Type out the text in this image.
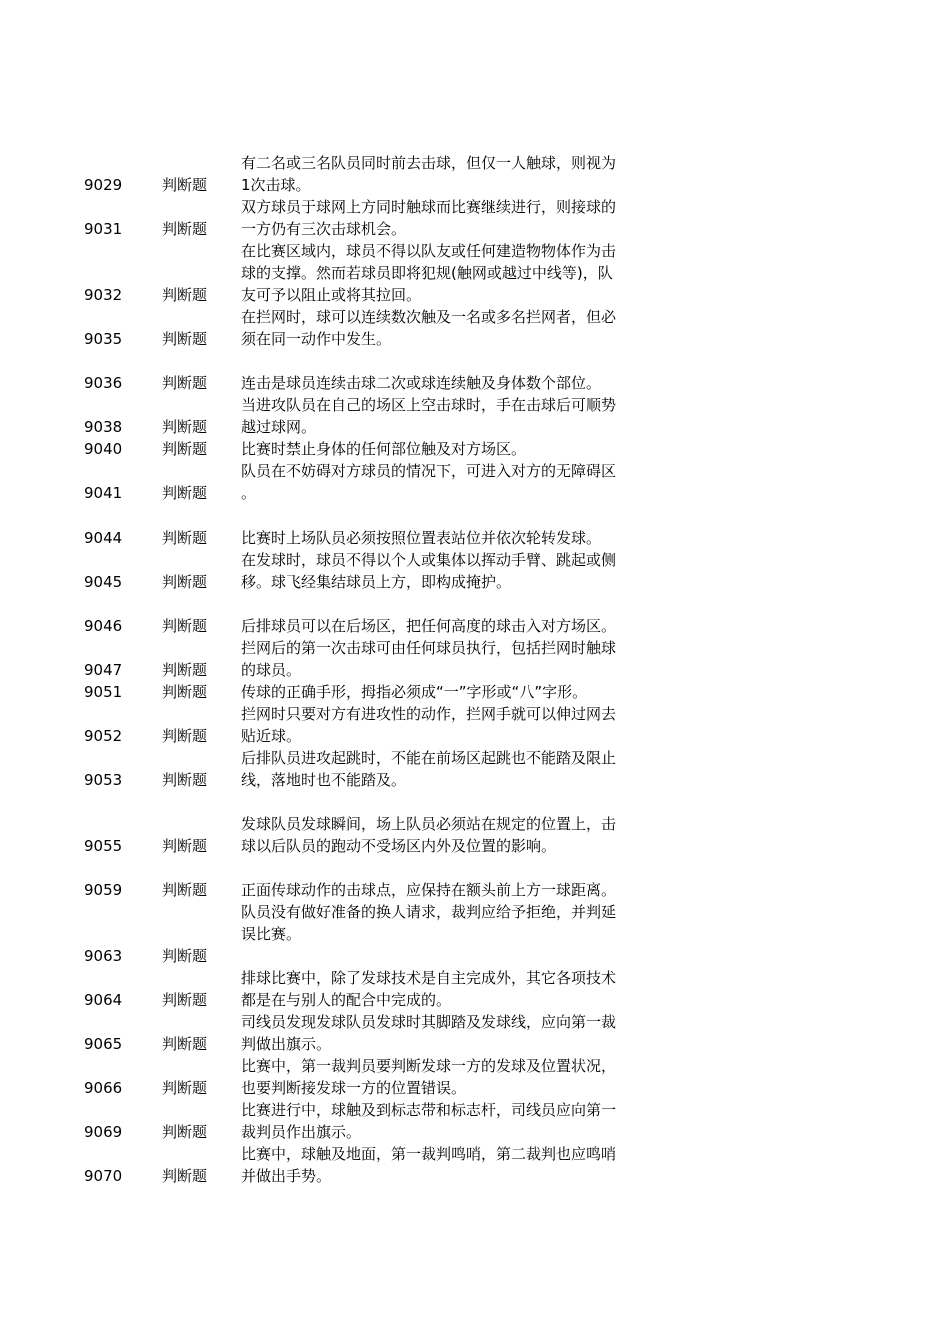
9029	判断题
有二名或三名队员同时前去击球，但仅一人触球，则视为
1次击球。
9031	判断题
双方球员于球网上方同时触球而比赛继续进行，则接球的
一方仍有三次击球机会。
9032	判断题
在比赛区域内，球员不得以队友或任何建造物物体作为击
球的支撑。然而若球员即将犯规(触网或越过中线等)，队
友可予以阻止或将其拉回。
9035	判断题
在拦网时，球可以连续数次触及一名或多名拦网者，但必
须在同一动作中发生。
9036	判断题 连击是球员连续击球二次或球连续触及身体数个部位。
9038	判断题
当进攻队员在自己的场区上空击球时，手在击球后可顺势
越过球网。
9040	判断题 比赛时禁止身体的任何部位触及对方场区。
9041	判断题
队员在不妨碍对方球员的情况下，可进入对方的无障碍区
。
9044	判断题 比赛时上场队员必须按照位置表站位并依次轮转发球。
9045	判断题
在发球时，球员不得以个人或集体以挥动手臂、跳起或侧
移。球飞经集结球员上方，即构成掩护。
9046	判断题 后排球员可以在后场区，把任何高度的球击入对方场区。
9047	判断题
拦网后的第一次击球可由任何球员执行，包括拦网时触球
的球员。
9051	判断题 传球的正确手形，拇指必须成“一”字形或“八”字形。
9052	判断题
拦网时只要对方有进攻性的动作，拦网手就可以伸过网去
贴近球。
9053	判断题
后排队员进攻起跳时，不能在前场区起跳也不能踏及限止
线，落地时也不能踏及。
9055	判断题
发球队员发球瞬间，场上队员必须站在规定的位置上，击
球以后队员的跑动不受场区内外及位置的影响。
9059	判断题 正面传球动作的击球点，应保持在额头前上方一球距离。
9063	判断题
队员没有做好准备的换人请求，裁判应给予拒绝，并判延
误比赛。
9064	判断题
排球比赛中，除了发球技术是自主完成外，其它各项技术
都是在与别人的配合中完成的。
9065	判断题
司线员发现发球队员发球时其脚踏及发球线，应向第一裁
判做出旗示。
9066	判断题
比赛中，第一裁判员要判断发球一方的发球及位置状况，
也要判断接发球一方的位置错误。
9069	判断题
比赛进行中，球触及到标志带和标志杆，司线员应向第一
裁判员作出旗示。
9070	判断题
比赛中，球触及地面，第一裁判鸣哨，第二裁判也应鸣哨
并做出手势。
